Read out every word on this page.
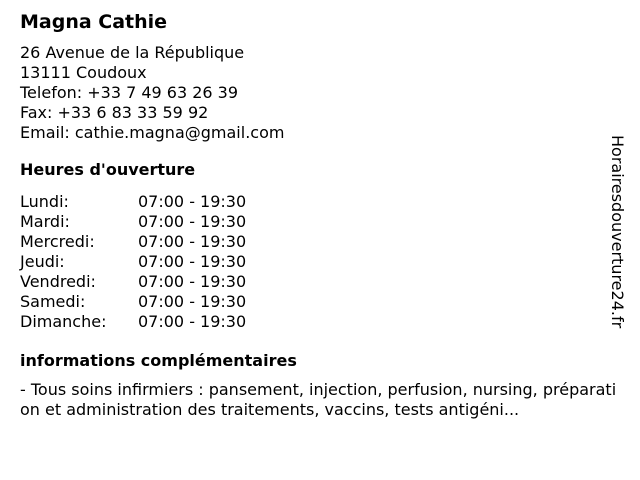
Magna Cathie
26 Avenue de la République
13111 Coudoux
Telefon: +33 7 49 63 26 39
Fax: +33 6 83 33 59 92
Email: cathie.magna@gmail.com
Heures d'ouverture
Lundi:	07:00 - 19:30
Mardi:	07:00 - 19:30
Mercredi:	07:00 - 19:30
Jeudi:	07:00 - 19:30
Vendredi:	07:00 - 19:30
Samedi:	07:00 - 19:30
Dimanche:	07:00 - 19:30
informations complémentaires
- Tous soins infirmiers : pansement, injection, perfusion, nursing, préparation et administration des traitements, vaccins, tests antigéni...
Horairesdouverture24.fr
